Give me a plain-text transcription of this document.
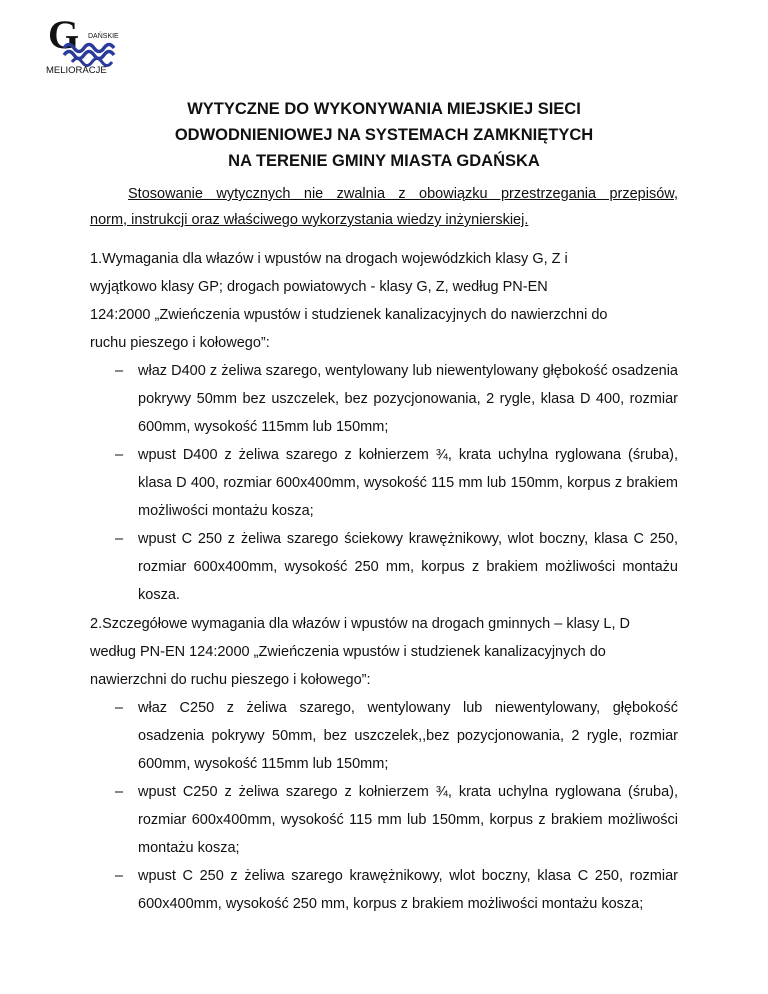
G DAŃSKIE
MELIORACJE
WYTYCZNE DO WYKONYWANIA MIEJSKIEJ SIECI
ODWODNIENIOWEJ NA SYSTEMACH ZAMKNIĘTYCH
NA TERENIE GMINY MIASTA GDAŃSKA
Stosowanie wytycznych nie zwalnia z obowiązku przestrzegania przepisów,
norm, instrukcji oraz właściwego wykorzystania wiedzy inżynierskiej.
1.Wymagania dla włazów i wpustów na drogach wojewódzkich klasy G, Z i
wyjątkowo klasy GP; drogach powiatowych - klasy G, Z, według PN-EN
124:2000 „Zwieńczenia wpustów i studzienek kanalizacyjnych do nawierzchni do
ruchu pieszego i kołowego”:
– właz D400 z żeliwa szarego, wentylowany lub niewentylowany głębokość osadzenia pokrywy 50mm bez uszczelek, bez pozycjonowania, 2 rygle, klasa D 400, rozmiar 600mm, wysokość 115mm lub 150mm;
– wpust D400 z żeliwa szarego z kołnierzem ¾, krata uchylna ryglowana (śruba), klasa D 400, rozmiar 600x400mm, wysokość 115 mm lub 150mm, korpus z brakiem możliwości montażu kosza;
– wpust C 250 z żeliwa szarego ściekowy krawężnikowy, wlot boczny, klasa C 250, rozmiar 600x400mm, wysokość 250 mm, korpus z brakiem możliwości montażu kosza.
2.Szczegółowe wymagania dla włazów i wpustów na drogach gminnych – klasy L, D
według PN-EN 124:2000 „Zwieńczenia wpustów i studzienek kanalizacyjnych do
nawierzchni do ruchu pieszego i kołowego”:
– właz C250 z żeliwa szarego, wentylowany lub niewentylowany, głębokość osadzenia pokrywy 50mm, bez uszczelek,,bez pozycjonowania, 2 rygle, rozmiar 600mm, wysokość 115mm lub 150mm;
– wpust C250 z żeliwa szarego z kołnierzem ¾, krata uchylna ryglowana (śruba), rozmiar 600x400mm, wysokość 115 mm lub 150mm, korpus z brakiem możliwości montażu kosza;
– wpust C 250 z żeliwa szarego krawężnikowy, wlot boczny, klasa C 250, rozmiar 600x400mm, wysokość 250 mm, korpus z brakiem możliwości montażu kosza;
